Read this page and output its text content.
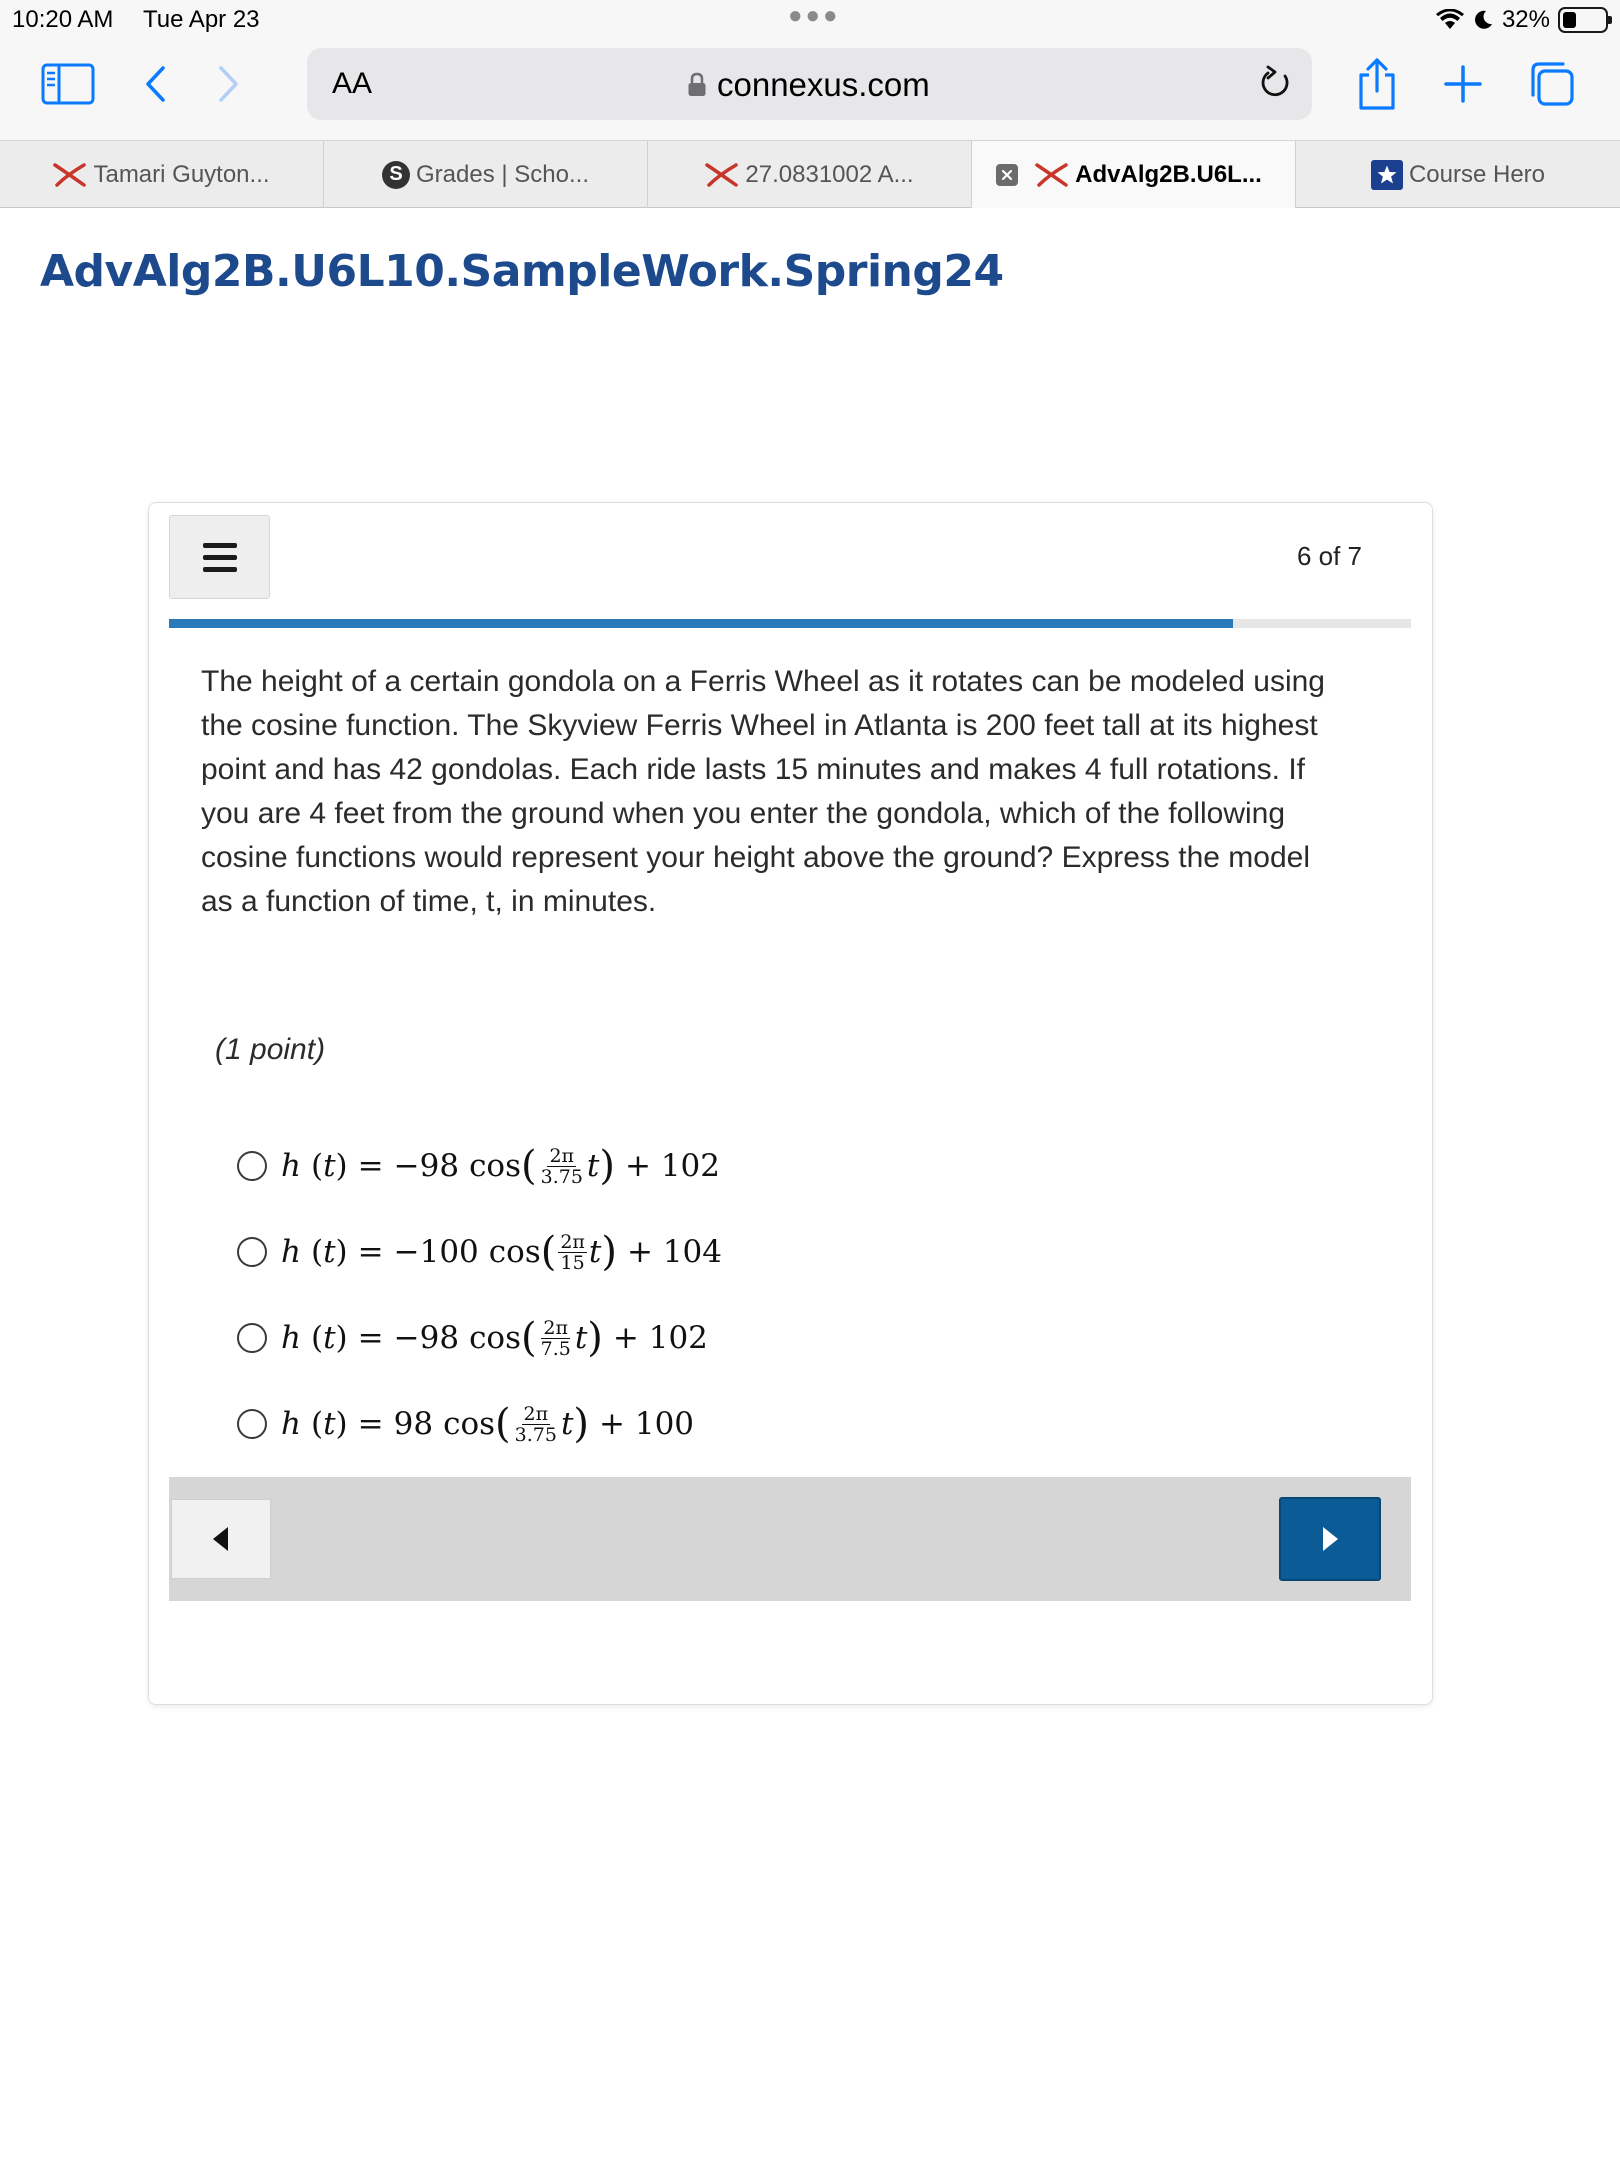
10:20 AM Tue Apr 23	●●●	32%
AA	connexus.com
Tamari Guyton...	S Grades | Scho...	27.0831002 A...	AdvAlg2B.U6L...	Course Hero
AdvAlg2B.U6L10.SampleWork.Spring24
6 of 7
The height of a certain gondola on a Ferris Wheel as it rotates can be modeled using the cosine function. The Skyview Ferris Wheel in Atlanta is 200 feet tall at its highest point and has 42 gondolas. Each ride lasts 15 minutes and makes 4 full rotations. If you are 4 feet from the ground when you enter the gondola, which of the following cosine functions would represent your height above the ground? Express the model as a function of time, t, in minutes.
(1 point)
h ( t ) = −98 cos ( $\frac{2\pi}{3.75}$ t ) + 102
h ( t ) = −100 cos ( $\frac{2\pi}{15}$ t ) + 104
h ( t ) = −98 cos ( $\frac{2\pi}{7.5}$ t ) + 102
h ( t ) = 98 cos ( $\frac{2\pi}{3.75}$ t ) + 100
